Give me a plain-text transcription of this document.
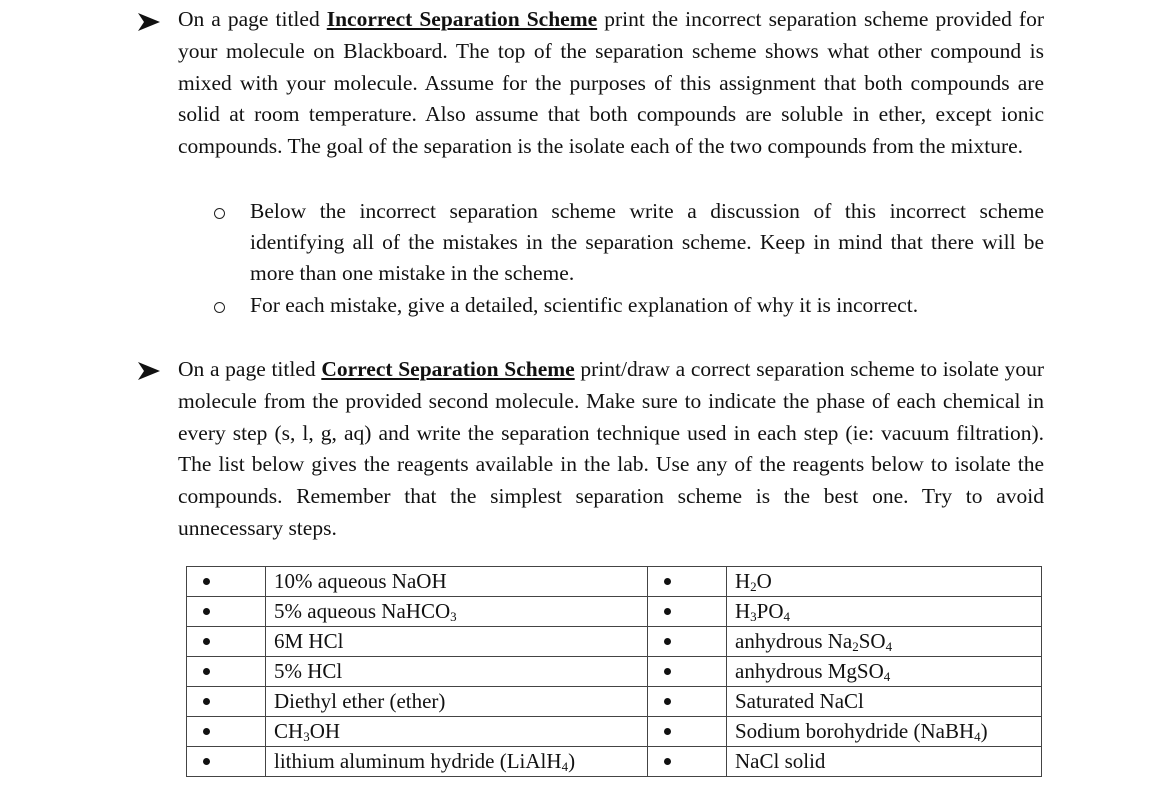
On a page titled Incorrect Separation Scheme print the incorrect separation scheme provided for your molecule on Blackboard. The top of the separation scheme shows what other compound is mixed with your molecule. Assume for the purposes of this assignment that both compounds are solid at room temperature. Also assume that both compounds are soluble in ether, except ionic compounds. The goal of the separation is the isolate each of the two compounds from the mixture.
Below the incorrect separation scheme write a discussion of this incorrect scheme identifying all of the mistakes in the separation scheme. Keep in mind that there will be more than one mistake in the scheme.
For each mistake, give a detailed, scientific explanation of why it is incorrect.
On a page titled Correct Separation Scheme print/draw a correct separation scheme to isolate your molecule from the provided second molecule. Make sure to indicate the phase of each chemical in every step (s, l, g, aq) and write the separation technique used in each step (ie: vacuum filtration). The list below gives the reagents available in the lab. Use any of the reagents below to isolate the compounds. Remember that the simplest separation scheme is the best one. Try to avoid unnecessary steps.
	10% aqueous NaOH		$H_2O$

	5% aqueous NaHCO$_3$		$H_3PO_4$

	6M HCl		anhydrous $Na_2SO_4$

	5% HCl		anhydrous MgSO$_4$

	Diethyl ether (ether)		Saturated NaCl

	$CH_3OH$		Sodium borohydride (NaBH$_4$)

	lithium aluminum hydride (LiAlH$_4$)		NaCl solid
